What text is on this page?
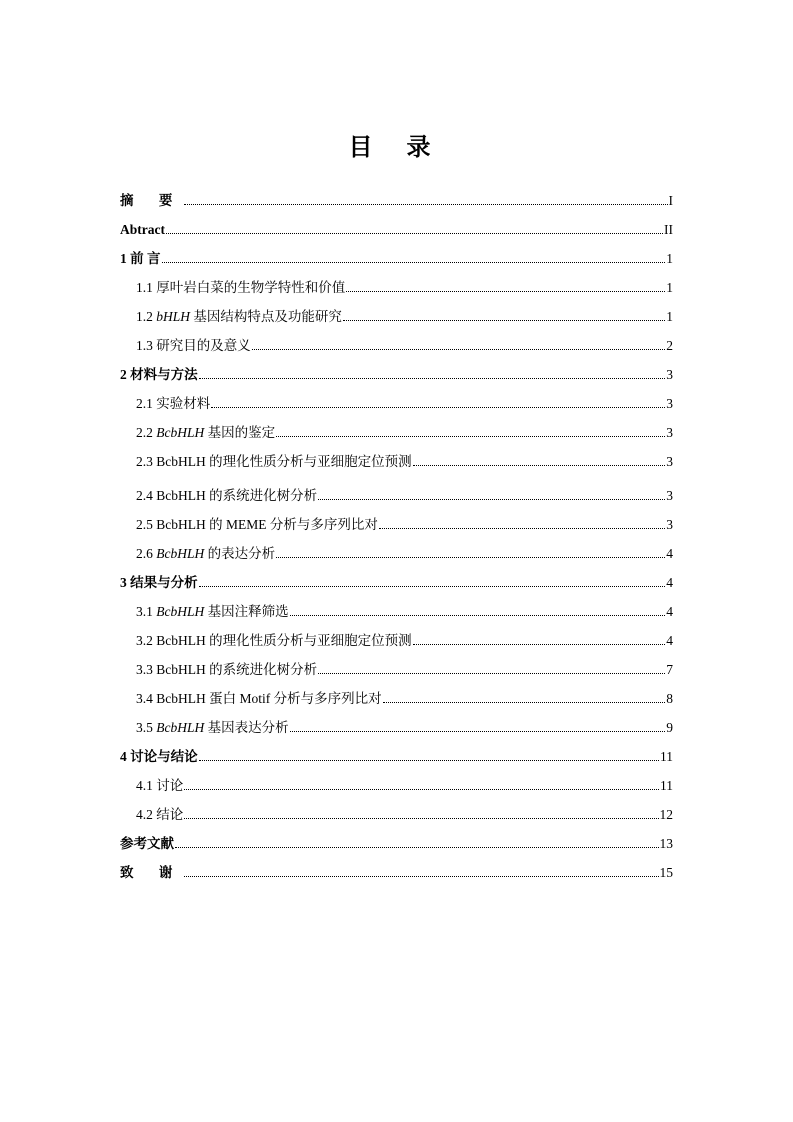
目 录
摘 要	I
Abtract	II
1 前 言	1
1.1 厚叶岩白菜的生物学特性和价值	1
1.2 bHLH 基因结构特点及功能研究	1
1.3 研究目的及意义	2
2 材料与方法	3
2.1 实验材料	3
2.2 BcbHLH 基因的鉴定	3
2.3 BcbHLH 的理化性质分析与亚细胞定位预测	3
2.4 BcbHLH 的系统进化树分析	3
2.5 BcbHLH 的 MEME 分析与多序列比对	3
2.6 BcbHLH 的表达分析	4
3 结果与分析	4
3.1 BcbHLH 基因注释筛选	4
3.2 BcbHLH 的理化性质分析与亚细胞定位预测	4
3.3 BcbHLH 的系统进化树分析	7
3.4 BcbHLH 蛋白 Motif 分析与多序列比对	8
3.5 BcbHLH 基因表达分析	9
4 讨论与结论	11
4.1 讨论	11
4.2 结论	12
参考文献	13
致 谢	15
